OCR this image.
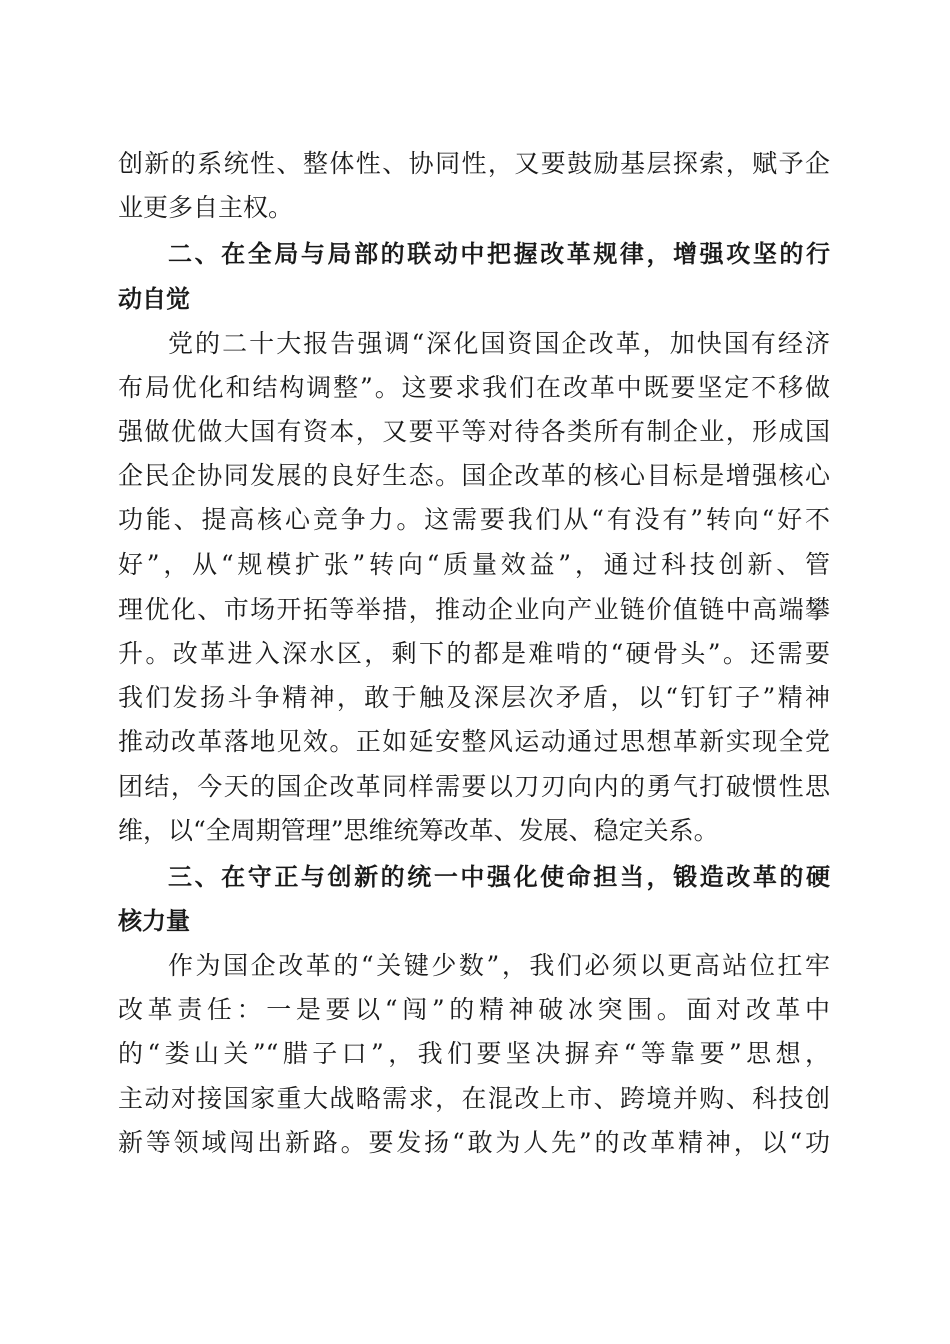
创新的系统性、整体性、协同性，又要鼓励基层探索，赋予企
业更多自主权。
二、在全局与局部的联动中把握改革规律，增强攻坚的行
动自觉
党的二十大报告强调“深化国资国企改革，加快国有经济
布局优化和结构调整”。这要求我们在改革中既要坚定不移做
强做优做大国有资本，又要平等对待各类所有制企业，形成国
企民企协同发展的良好生态。国企改革的核心目标是增强核心
功能、提高核心竞争力。这需要我们从“有没有”转向“好不
好”，从“规模扩张”转向“质量效益”，通过科技创新、管
理优化、市场开拓等举措，推动企业向产业链价值链中高端攀
升。改革进入深水区，剩下的都是难啃的“硬骨头”。还需要
我们发扬斗争精神，敢于触及深层次矛盾，以“钉钉子”精神
推动改革落地见效。正如延安整风运动通过思想革新实现全党
团结，今天的国企改革同样需要以刀刃向内的勇气打破惯性思
维，以“全周期管理”思维统筹改革、发展、稳定关系。
三、在守正与创新的统一中强化使命担当，锻造改革的硬
核力量
作为国企改革的“关键少数”，我们必须以更高站位扛牢
改革责任：一是要以“闯”的精神破冰突围。面对改革中
的“娄山关”“腊子口”，我们要坚决摒弃“等靠要”思想，
主动对接国家重大战略需求，在混改上市、跨境并购、科技创
新等领域闯出新路。要发扬“敢为人先”的改革精神，以“功
